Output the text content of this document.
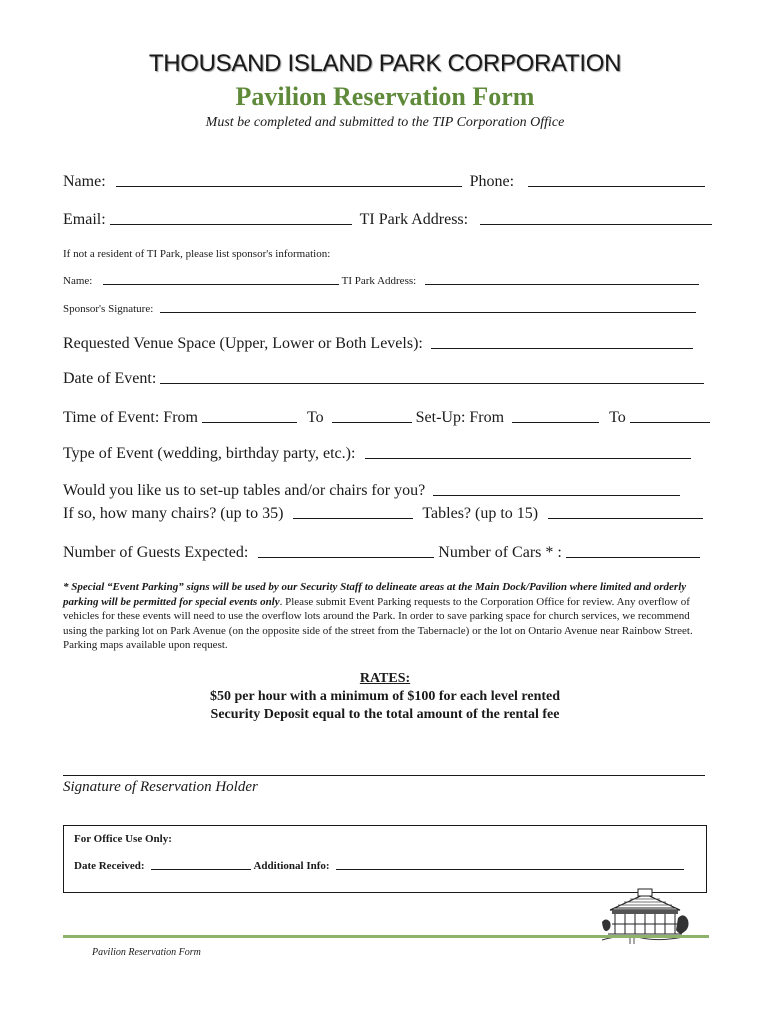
THOUSAND ISLAND PARK CORPORATION
Pavilion Reservation Form
Must be completed and submitted to the TIP Corporation Office
Name:	Phone:
Email:	TI Park Address:
If not a resident of TI Park, please list sponsor's information:
Name:	TI Park Address:
Sponsor's Signature:
Requested Venue Space (Upper, Lower or Both Levels):
Date of Event:
Time of Event: From	To	Set-Up: From	To
Type of Event (wedding, birthday party, etc.):
Would you like us to set-up tables and/or chairs for you?
If so, how many chairs? (up to 35)	Tables? (up to 15)
Number of Guests Expected:	Number of Cars * :
* Special “Event Parking” signs will be used by our Security Staff to delineate areas at the Main Dock/Pavilion where limited and orderly parking will be permitted for special events only. Please submit Event Parking requests to the Corporation Office for review. Any overflow of vehicles for these events will need to use the overflow lots around the Park. In order to save parking space for church services, we recommend using the parking lot on Park Avenue (on the opposite side of the street from the Tabernacle) or the lot on Ontario Avenue near Rainbow Street. Parking maps available upon request.
RATES:
$50 per hour with a minimum of $100 for each level rented
Security Deposit equal to the total amount of the rental fee
Signature of Reservation Holder
For Office Use Only:
Date Received:	Additional Info:
Pavilion Reservation Form
